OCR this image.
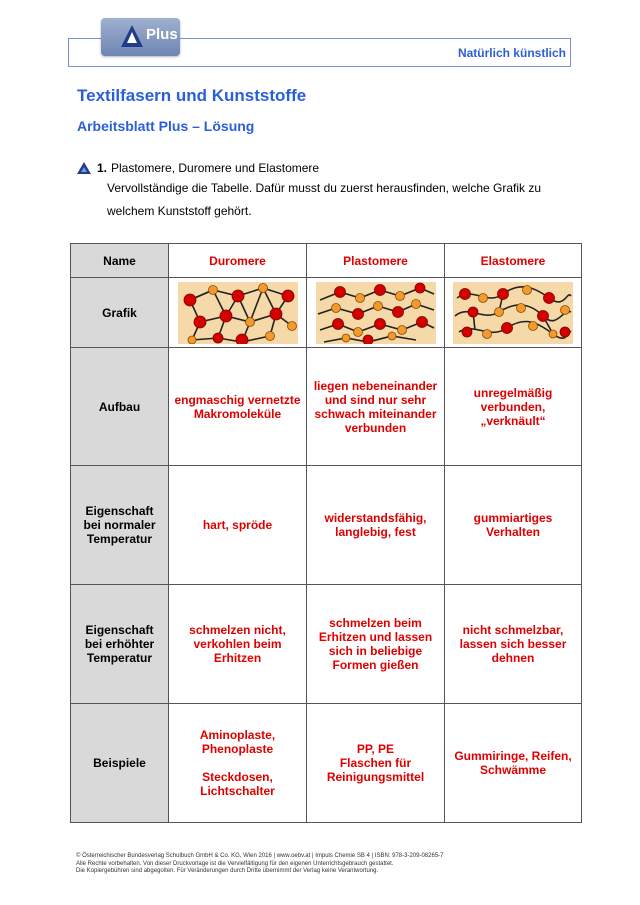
Plus
Natürlich künstlich
Textilfasern und Kunststoffe
Arbeitsblatt Plus – Lösung
1. Plastomere, Duromere und Elastomere
Vervollständige die Tabelle. Dafür musst du zuerst herausfinden, welche Grafik zu
welchem Kunststoff gehört.
Name	Duromere	Plastomere	Elastomere
Grafik	

Aufbau	engmaschig vernetzte
Makromoleküle	liegen nebeneinander
und sind nur sehr
schwach miteinander
verbunden	unregelmäßig
verbunden,
„verknäult“
Eigenschaft
bei normaler
Temperatur	hart, spröde	widerstandsfähig,
langlebig, fest	gummiartiges
Verhalten
Eigenschaft
bei erhöhter
Temperatur	schmelzen nicht,
verkohlen beim
Erhitzen	schmelzen beim
Erhitzen und lassen
sich in beliebige
Formen gießen	nicht schmelzbar,
lassen sich besser
dehnen
Beispiele	Aminoplaste,
Phenoplaste

Steckdosen,
Lichtschalter	PP, PE
Flaschen für
Reinigungsmittel	Gummiringe, Reifen,
Schwämme
© Österreichischer Bundesverlag Schulbuch GmbH & Co. KG, Wien 2016 | www.oebv.at | Impuls Chemie SB 4 | ISBN: 978-3-209-08265-7
Alle Rechte vorbehalten. Von dieser Druckvorlage ist die Vervielfältigung für den eigenen Unterrichtsgebrauch gestattet.
Die Kopiergebühren sind abgegolten. Für Veränderungen durch Dritte übernimmt der Verlag keine Verantwortung.
